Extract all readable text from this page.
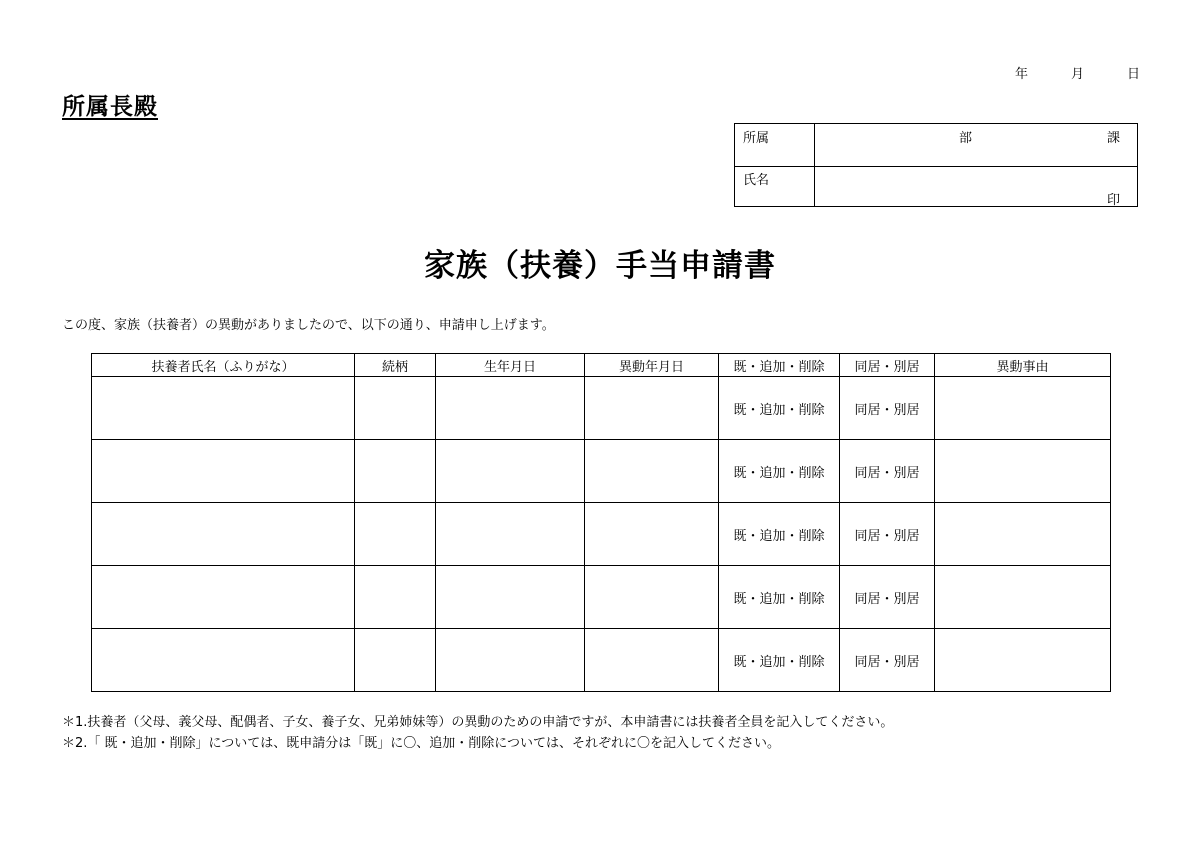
年	月	日
所属長殿
所属	部	課
氏名
印
家族（扶養）手当申請書
この度、家族（扶養者）の異動がありましたので、以下の通り、申請申し上げます。
扶養者氏名（ふりがな）	続柄	生年月日	異動年月日	既・追加・削除	同居・別居	異動事由
				既・追加・削除	同居・別居	
				既・追加・削除	同居・別居	
				既・追加・削除	同居・別居	
				既・追加・削除	同居・別居	
				既・追加・削除	同居・別居	
＊1.扶養者（父母、義父母、配偶者、子女、養子女、兄弟姉妹等）の異動のための申請ですが、本申請書には扶養者全員を記入してください。
＊2.「 既・追加・削除」については、既申請分は「既」に〇、追加・削除については、それぞれに〇を記入してください。
